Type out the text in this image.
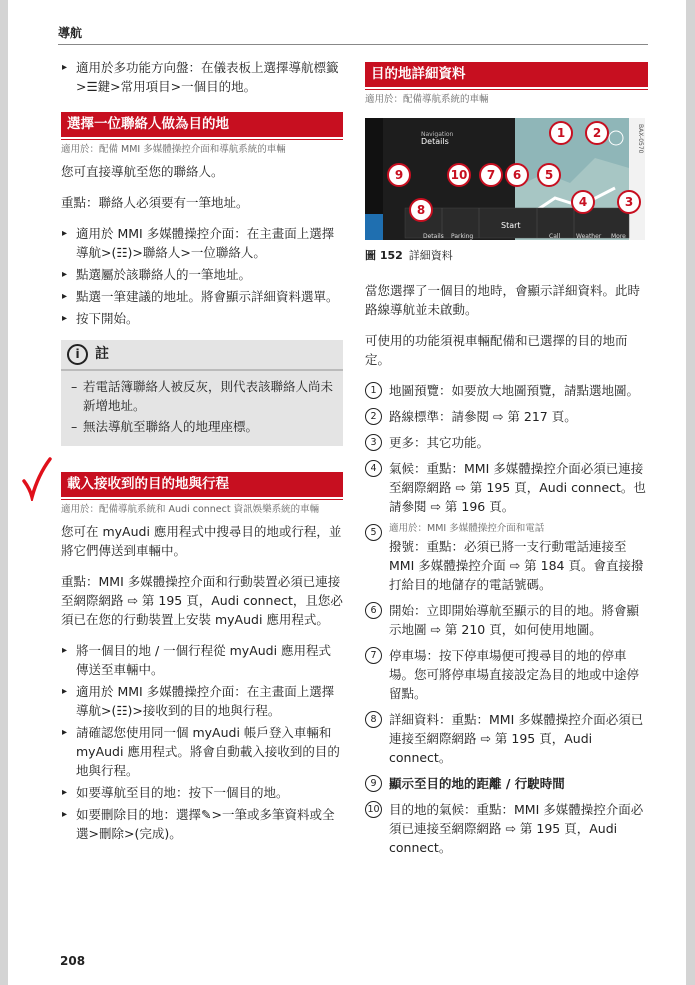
導航
▸ 適用於多功能方向盤：在儀表板上選擇導航標籤>☰鍵>常用項目>一個目的地。
選擇一位聯絡人做為目的地
適用於：配備 MMI 多媒體操控介面和導航系統的車輛
您可直接導航至您的聯絡人。
重點：聯絡人必須要有一筆地址。
▸ 適用於 MMI 多媒體操控介面：在主畫面上選擇導航>(☷)>聯絡人>一位聯絡人。
▸ 點選屬於該聯絡人的一筆地址。
▸ 點選一筆建議的地址。將會顯示詳細資料選單。
▸ 按下開始。
i	註
– 若電話簿聯絡人被反灰，則代表該聯絡人尚未新增地址。
– 無法導航至聯絡人的地理座標。
載入接收到的目的地與行程
適用於：配備導航系統和 Audi connect 資訊娛樂系統的車輛
您可在 myAudi 應用程式中搜尋目的地或行程，並將它們傳送到車輛中。
重點：MMI 多媒體操控介面和行動裝置必須已連接至網際網路 ⇨ 第 195 頁，Audi connect，且您必須已在您的行動裝置上安裝 myAudi 應用程式。
▸ 將一個目的地 / 一個行程從 myAudi 應用程式傳送至車輛中。
▸ 適用於 MMI 多媒體操控介面：在主畫面上選擇導航>(☷)>接收到的目的地與行程。
▸ 請確認您使用同一個 myAudi 帳戶登入車輛和 myAudi 應用程式。將會自動載入接收到的目的地與行程。
▸ 如要導航至目的地：按下一個目的地。
▸ 如要刪除目的地：選擇✎>一筆或多筆資料或全選>刪除>(完成)。
目的地詳細資料
適用於：配備導航系統的車輛
Navigation
Details
Details Parking
Start
Call	Weather More
BAX-0570
1	2
3
4
5
6
7
8
9	10
圖 152 詳細資料
當您選擇了一個目的地時，會顯示詳細資料。此時路線導航並未啟動。
可使用的功能須視車輛配備和已選擇的目的地而定。
1 地圖預覽：如要放大地圖預覽，請點選地圖。
2 路線標準：請參閱 ⇨ 第 217 頁。
3 更多：其它功能。
4 氣候：重點：MMI 多媒體操控介面必須已連接至網際網路 ⇨ 第 195 頁，Audi connect。也請參閱 ⇨ 第 196 頁。
5	適用於：MMI 多媒體操控介面和電話
撥號：重點：必須已將一支行動電話連接至 MMI 多媒體操控介面 ⇨ 第 184 頁。會直接撥打給目的地儲存的電話號碼。
6 開始：立即開始導航至顯示的目的地。將會顯示地圖 ⇨ 第 210 頁，如何使用地圖。
7 停車場：按下停車場便可搜尋目的地的停車場。您可將停車場直接設定為目的地或中途停留點。
8 詳細資料：重點：MMI 多媒體操控介面必須已連接至網際網路 ⇨ 第 195 頁，Audi connect。
9 顯示至目的地的距離 / 行駛時間
10 目的地的氣候：重點：MMI 多媒體操控介面必須已連接至網際網路 ⇨ 第 195 頁，Audi connect。
208
